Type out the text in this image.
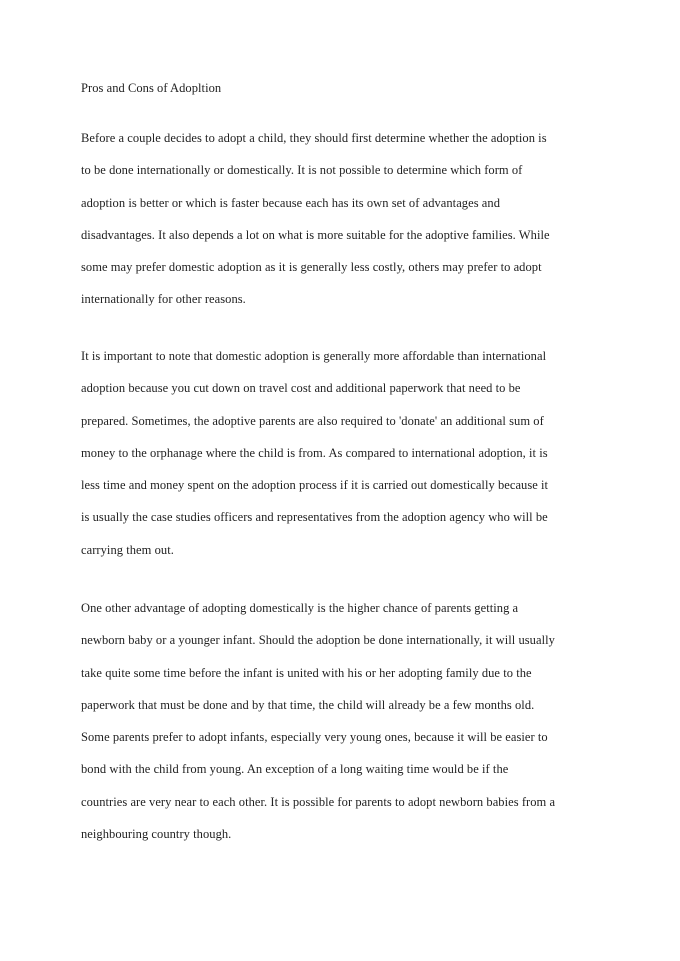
Pros and Cons of Adopltion
Before a couple decides to adopt a child, they should first determine whether the adoption is
to be done internationally or domestically. It is not possible to determine which form of
adoption is better or which is faster because each has its own set of advantages and
disadvantages. It also depends a lot on what is more suitable for the adoptive families. While
some may prefer domestic adoption as it is generally less costly, others may prefer to adopt
internationally for other reasons.
It is important to note that domestic adoption is generally more affordable than international
adoption because you cut down on travel cost and additional paperwork that need to be
prepared. Sometimes, the adoptive parents are also required to 'donate' an additional sum of
money to the orphanage where the child is from. As compared to international adoption, it is
less time and money spent on the adoption process if it is carried out domestically because it
is usually the case studies officers and representatives from the adoption agency who will be
carrying them out.
One other advantage of adopting domestically is the higher chance of parents getting a
newborn baby or a younger infant. Should the adoption be done internationally, it will usually
take quite some time before the infant is united with his or her adopting family due to the
paperwork that must be done and by that time, the child will already be a few months old.
Some parents prefer to adopt infants, especially very young ones, because it will be easier to
bond with the child from young. An exception of a long waiting time would be if the
countries are very near to each other. It is possible for parents to adopt newborn babies from a
neighbouring country though.
